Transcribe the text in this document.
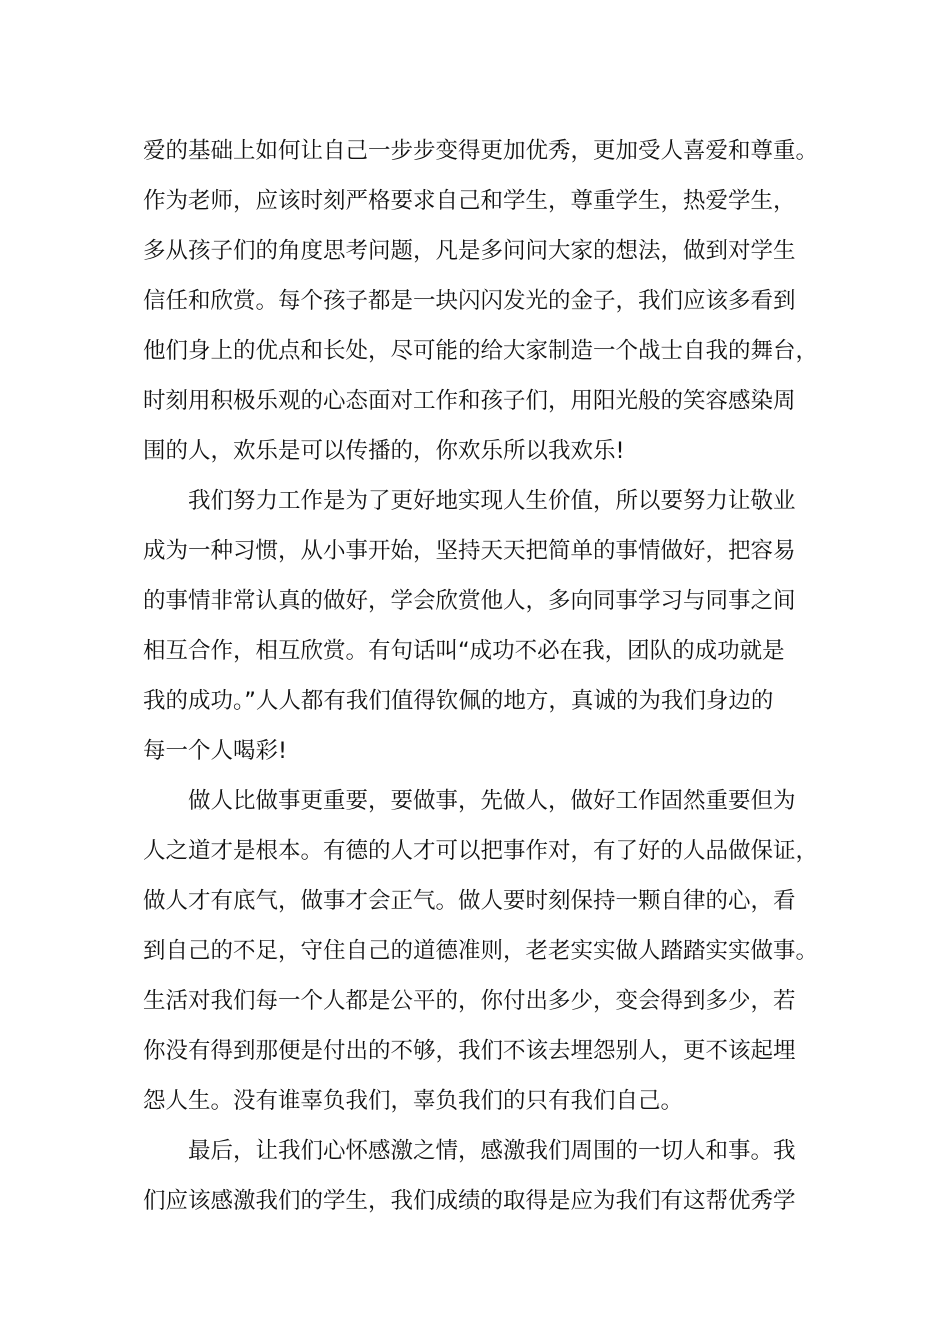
爱的基础上如何让自己一步步变得更加优秀，更加受人喜爱和尊重。
作为老师，应该时刻严格要求自己和学生，尊重学生，热爱学生，
多从孩子们的角度思考问题，凡是多问问大家的想法，做到对学生
信任和欣赏。每个孩子都是一块闪闪发光的金子，我们应该多看到
他们身上的优点和长处，尽可能的给大家制造一个战士自我的舞台，
时刻用积极乐观的心态面对工作和孩子们，用阳光般的笑容感染周
围的人，欢乐是可以传播的，你欢乐所以我欢乐!
我们努力工作是为了更好地实现人生价值，所以要努力让敬业
成为一种习惯，从小事开始，坚持天天把简单的事情做好，把容易
的事情非常认真的做好，学会欣赏他人，多向同事学习与同事之间
相互合作，相互欣赏。有句话叫“成功不必在我，团队的成功就是
我的成功。”人人都有我们值得钦佩的地方，真诚的为我们身边的
每一个人喝彩!
做人比做事更重要，要做事，先做人，做好工作固然重要但为
人之道才是根本。有德的人才可以把事作对，有了好的人品做保证，
做人才有底气，做事才会正气。做人要时刻保持一颗自律的心，看
到自己的不足，守住自己的道德准则，老老实实做人踏踏实实做事。
生活对我们每一个人都是公平的，你付出多少，变会得到多少，若
你没有得到那便是付出的不够，我们不该去埋怨别人，更不该起埋
怨人生。没有谁辜负我们，辜负我们的只有我们自己。
最后，让我们心怀感激之情，感激我们周围的一切人和事。我
们应该感激我们的学生，我们成绩的取得是应为我们有这帮优秀学
